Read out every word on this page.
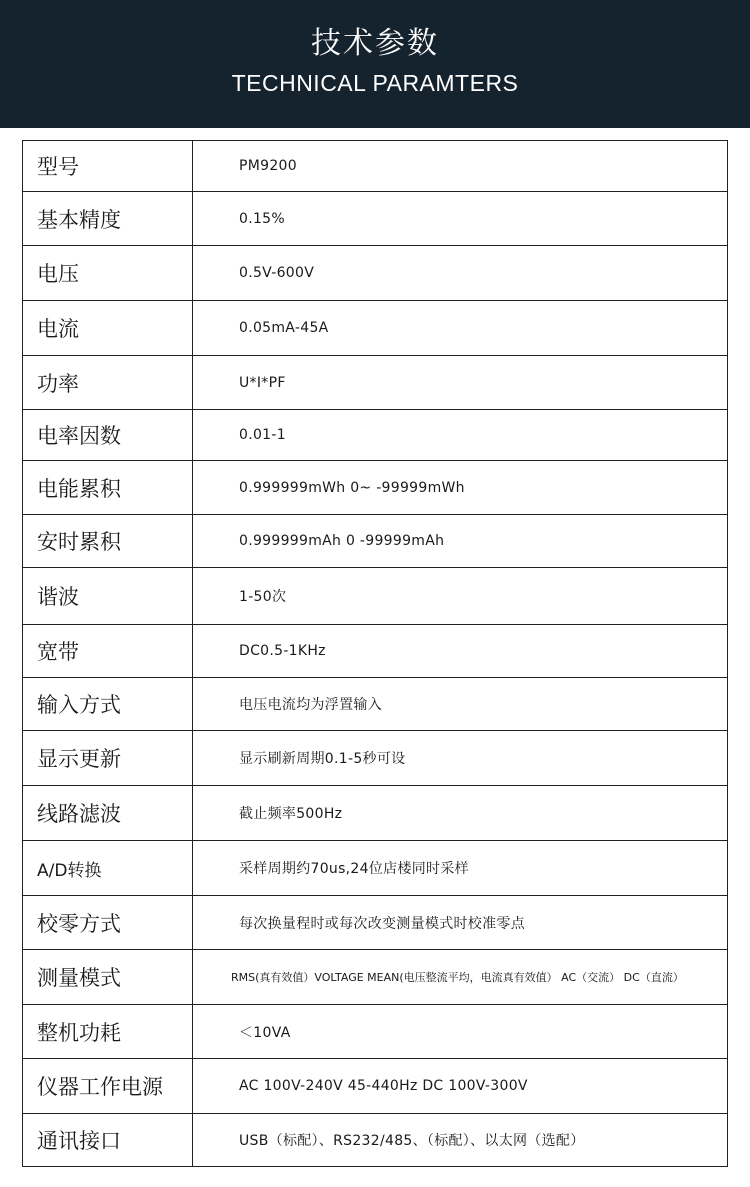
技术参数
TECHNICAL PARAMTERS
型号	PM9200
基本精度	0.15%
电压	0.5V-600V
电流	0.05mA-45A
功率	U*I*PF
电率因数	0.01-1
电能累积	0.999999mWh 0~ -99999mWh
安时累积	0.999999mAh 0 -99999mAh
谐波	1-50次
宽带	DC0.5-1KHz
输入方式	电压电流均为浮置输入
显示更新	显示刷新周期0.1-5秒可设
线路滤波	截止频率500Hz
A/D转换	采样周期约70us,24位店楼同时采样
校零方式	每次换量程时或每次改变测量模式时校准零点
测量模式	RMS(真有效值）VOLTAGE MEAN(电压整流平均，电流真有效值） AC（交流） DC（直流）
整机功耗	＜10VA
仪器工作电源	AC 100V-240V 45-440Hz DC 100V-300V
通讯接口	USB（标配）、RS232/485、（标配）、以太网（选配）
